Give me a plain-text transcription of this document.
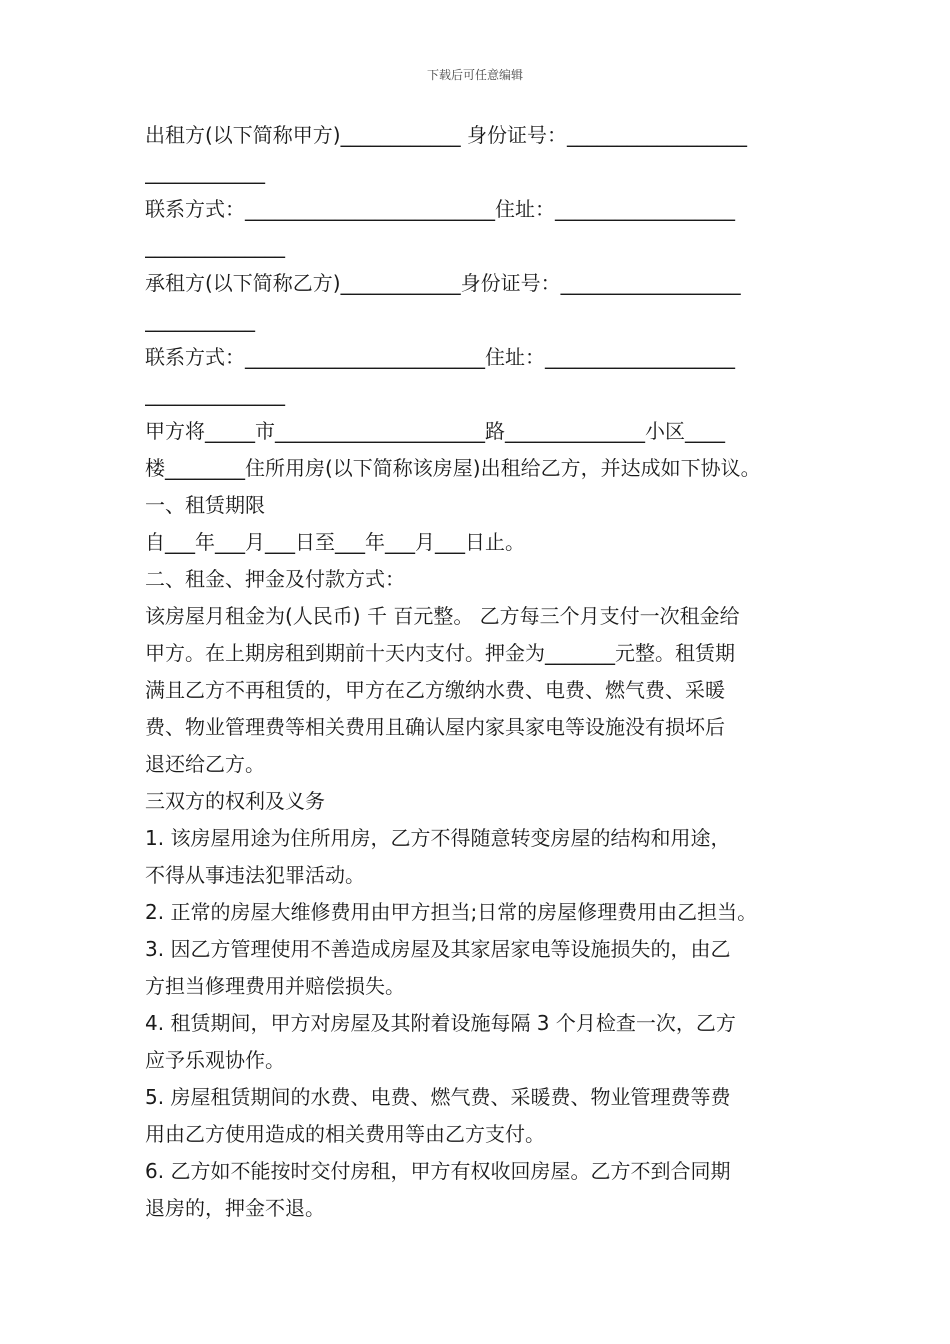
下载后可任意编辑
出租方(以下简称甲方)____________ 身份证号：__________________
____________
联系方式：_________________________住址：__________________
______________
承租方(以下简称乙方)____________身份证号：__________________
___________
联系方式：________________________住址：___________________
______________
甲方将_____市_____________________路______________小区____
楼________住所用房(以下简称该房屋)出租给乙方，并达成如下协议。
一、租赁期限
自___年___月___日至___年___月___日止。
二、租金、押金及付款方式：
该房屋月租金为(人民币) 千 百元整。 乙方每三个月支付一次租金给
甲方。在上期房租到期前十天内支付。押金为_______元整。租赁期
满且乙方不再租赁的，甲方在乙方缴纳水费、电费、燃气费、采暖
费、物业管理费等相关费用且确认屋内家具家电等设施没有损坏后
退还给乙方。
三双方的权利及义务
1. 该房屋用途为住所用房，乙方不得随意转变房屋的结构和用途，
不得从事违法犯罪活动。
2. 正常的房屋大维修费用由甲方担当;日常的房屋修理费用由乙担当。
3. 因乙方管理使用不善造成房屋及其家居家电等设施损失的，由乙
方担当修理费用并赔偿损失。
4. 租赁期间，甲方对房屋及其附着设施每隔 3 个月检查一次，乙方
应予乐观协作。
5. 房屋租赁期间的水费、电费、燃气费、采暖费、物业管理费等费
用由乙方使用造成的相关费用等由乙方支付。
6. 乙方如不能按时交付房租，甲方有权收回房屋。乙方不到合同期
退房的，押金不退。
